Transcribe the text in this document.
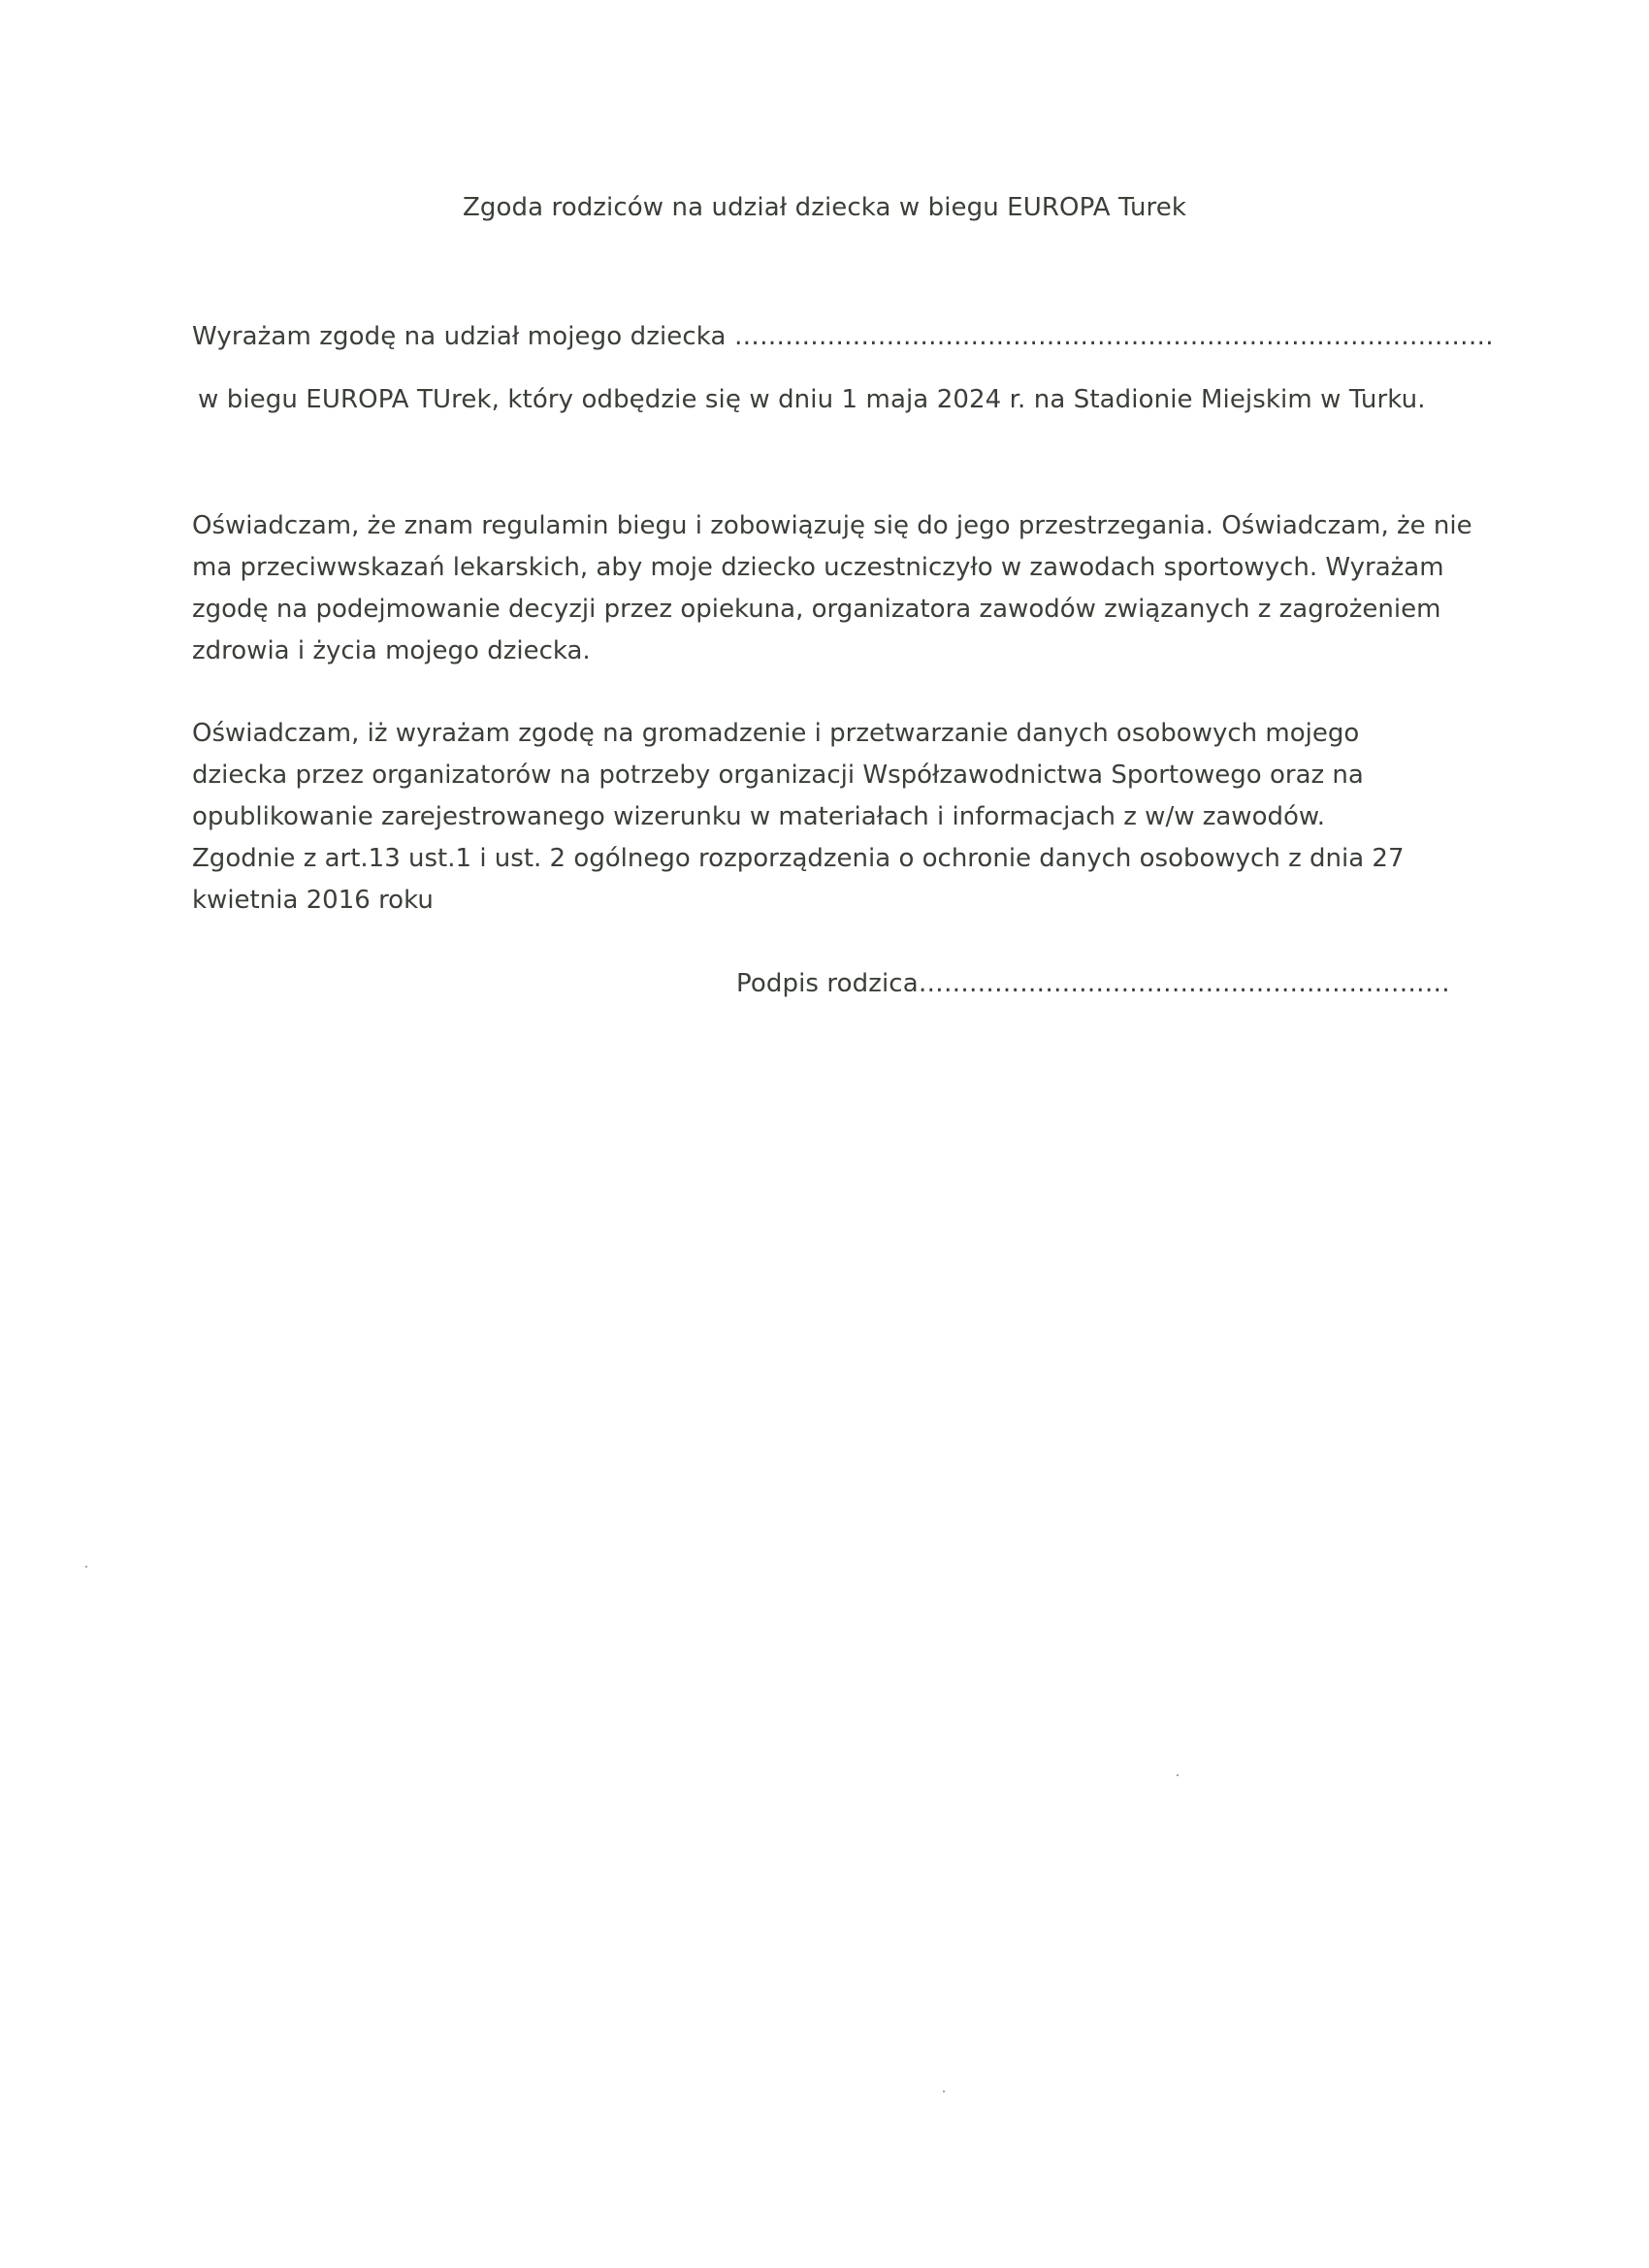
Zgoda rodziców na udział dziecka w biegu EUROPA Turek
Wyrażam zgodę na udział mojego dziecka ………………………………………………………………………………
w biegu EUROPA TUrek, który odbędzie się w dniu 1 maja 2024 r. na Stadionie Miejskim w Turku.
Oświadczam, że znam regulamin biegu i zobowiązuję się do jego przestrzegania. Oświadczam, że nie
ma przeciwwskazań lekarskich, aby moje dziecko uczestniczyło w zawodach sportowych. Wyrażam
zgodę na podejmowanie decyzji przez opiekuna, organizatora zawodów związanych z zagrożeniem
zdrowia i życia mojego dziecka.
Oświadczam, iż wyrażam zgodę na gromadzenie i przetwarzanie danych osobowych mojego
dziecka przez organizatorów na potrzeby organizacji Współzawodnictwa Sportowego oraz na
opublikowanie zarejestrowanego wizerunku w materiałach i informacjach z w/w zawodów.
Zgodnie z art.13 ust.1 i ust. 2 ogólnego rozporządzenia o ochronie danych osobowych z dnia 27
kwietnia 2016 roku
Podpis rodzica………………………………………………………
